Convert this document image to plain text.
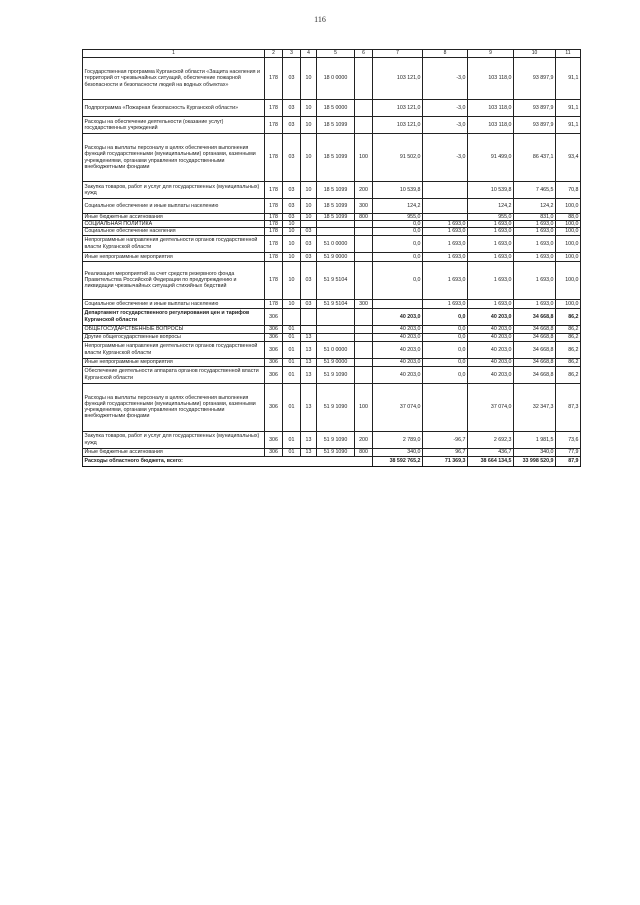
116
1	2	3	4	5	6	7	8	9	10	11
Государственная программа Курганской области «Защита населения и территорий от чрезвычайных ситуаций, обеспечение пожарной безопасности и безопасности людей на водных объектах»	178	03	10	18 0 0000		103 121,0	-3,0	103 118,0	93 897,9	91,1
Подпрограмма «Пожарная безопасность Курганской области»	178	03	10	18 5 0000		103 121,0	-3,0	103 118,0	93 897,9	91,1
Расходы на обеспечение деятельности (оказание услуг) государственных учреждений	178	03	10	18 5 1099		103 121,0	-3,0	103 118,0	93 897,9	91,1
Расходы на выплаты персоналу в целях обеспечения выполнения функций государственными (муниципальными) органами, казенными учреждениями, органами управления государственными внебюджетными фондами	178	03	10	18 5 1099	100	91 502,0	-3,0	91 499,0	86 437,1	93,4
Закупка товаров, работ и услуг для государственных (муниципальных) нужд	178	03	10	18 5 1099	200	10 539,8		10 539,8	7 465,5	70,8
Социальное обеспечение и иные выплаты населению	178	03	10	18 5 1099	300	124,2		124,2	124,2	100,0
Иные бюджетные ассигнования	178	03	10	18 5 1099	800	955,0		955,0	831,0	88,0
СОЦИАЛЬНАЯ ПОЛИТИКА	178	10				0,0	1 693,0	1 693,0	1 693,0	100,0
Социальное обеспечение населения	178	10	03			0,0	1 693,0	1 693,0	1 693,0	100,0
Непрограммные направления деятельности органов государственной власти Курганской области	178	10	03	51 0 0000		0,0	1 693,0	1 693,0	1 693,0	100,0
Иные непрограммные мероприятия	178	10	03	51 9 0000		0,0	1 693,0	1 693,0	1 693,0	100,0
Реализация мероприятий за счет средств резервного фонда Правительства Российской Федерации по предупреждению и ликвидации чрезвычайных ситуаций стихийных бедствий	178	10	03	51 9 5104		0,0	1 693,0	1 693,0	1 693,0	100,0
Социальное обеспечение и иные выплаты населению	178	10	03	51 9 5104	300		1 693,0	1 693,0	1 693,0	100,0
Департамент государственного регулирования цен и тарифов Курганской области	306					40 203,0	0,0	40 203,0	34 668,8	86,2
ОБЩЕГОСУДАРСТВЕННЫЕ ВОПРОСЫ	306	01				40 203,0	0,0	40 203,0	34 668,8	86,2
Другие общегосударственные вопросы	306	01	13			40 203,0	0,0	40 203,0	34 668,8	86,2
Непрограммные направления деятельности органов государственной власти Курганской области	306	01	13	51 0 0000		40 203,0	0,0	40 203,0	34 668,8	86,2
Иные непрограммные мероприятия	306	01	13	51 9 0000		40 203,0	0,0	40 203,0	34 668,8	86,2
Обеспечение деятельности аппарата органов государственной власти Курганской области	306	01	13	51 9 1090		40 203,0	0,0	40 203,0	34 668,8	86,2
Расходы на выплаты персоналу в целях обеспечения выполнения функций государственными (муниципальными) органами, казенными учреждениями, органами управления государственными внебюджетными фондами	306	01	13	51 9 1090	100	37 074,0		37 074,0	32 347,3	87,3
Закупка товаров, работ и услуг для государственных (муниципальных) нужд	306	01	13	51 9 1090	200	2 789,0	-96,7	2 692,3	1 981,5	73,6
Иные бюджетные ассигнования	306	01	13	51 9 1090	800	340,0	96,7	436,7	340,0	77,9
Расходы областного бюджета, всего:						38 592 765,2	71 369,3	38 664 134,5	33 998 520,9	87,9
